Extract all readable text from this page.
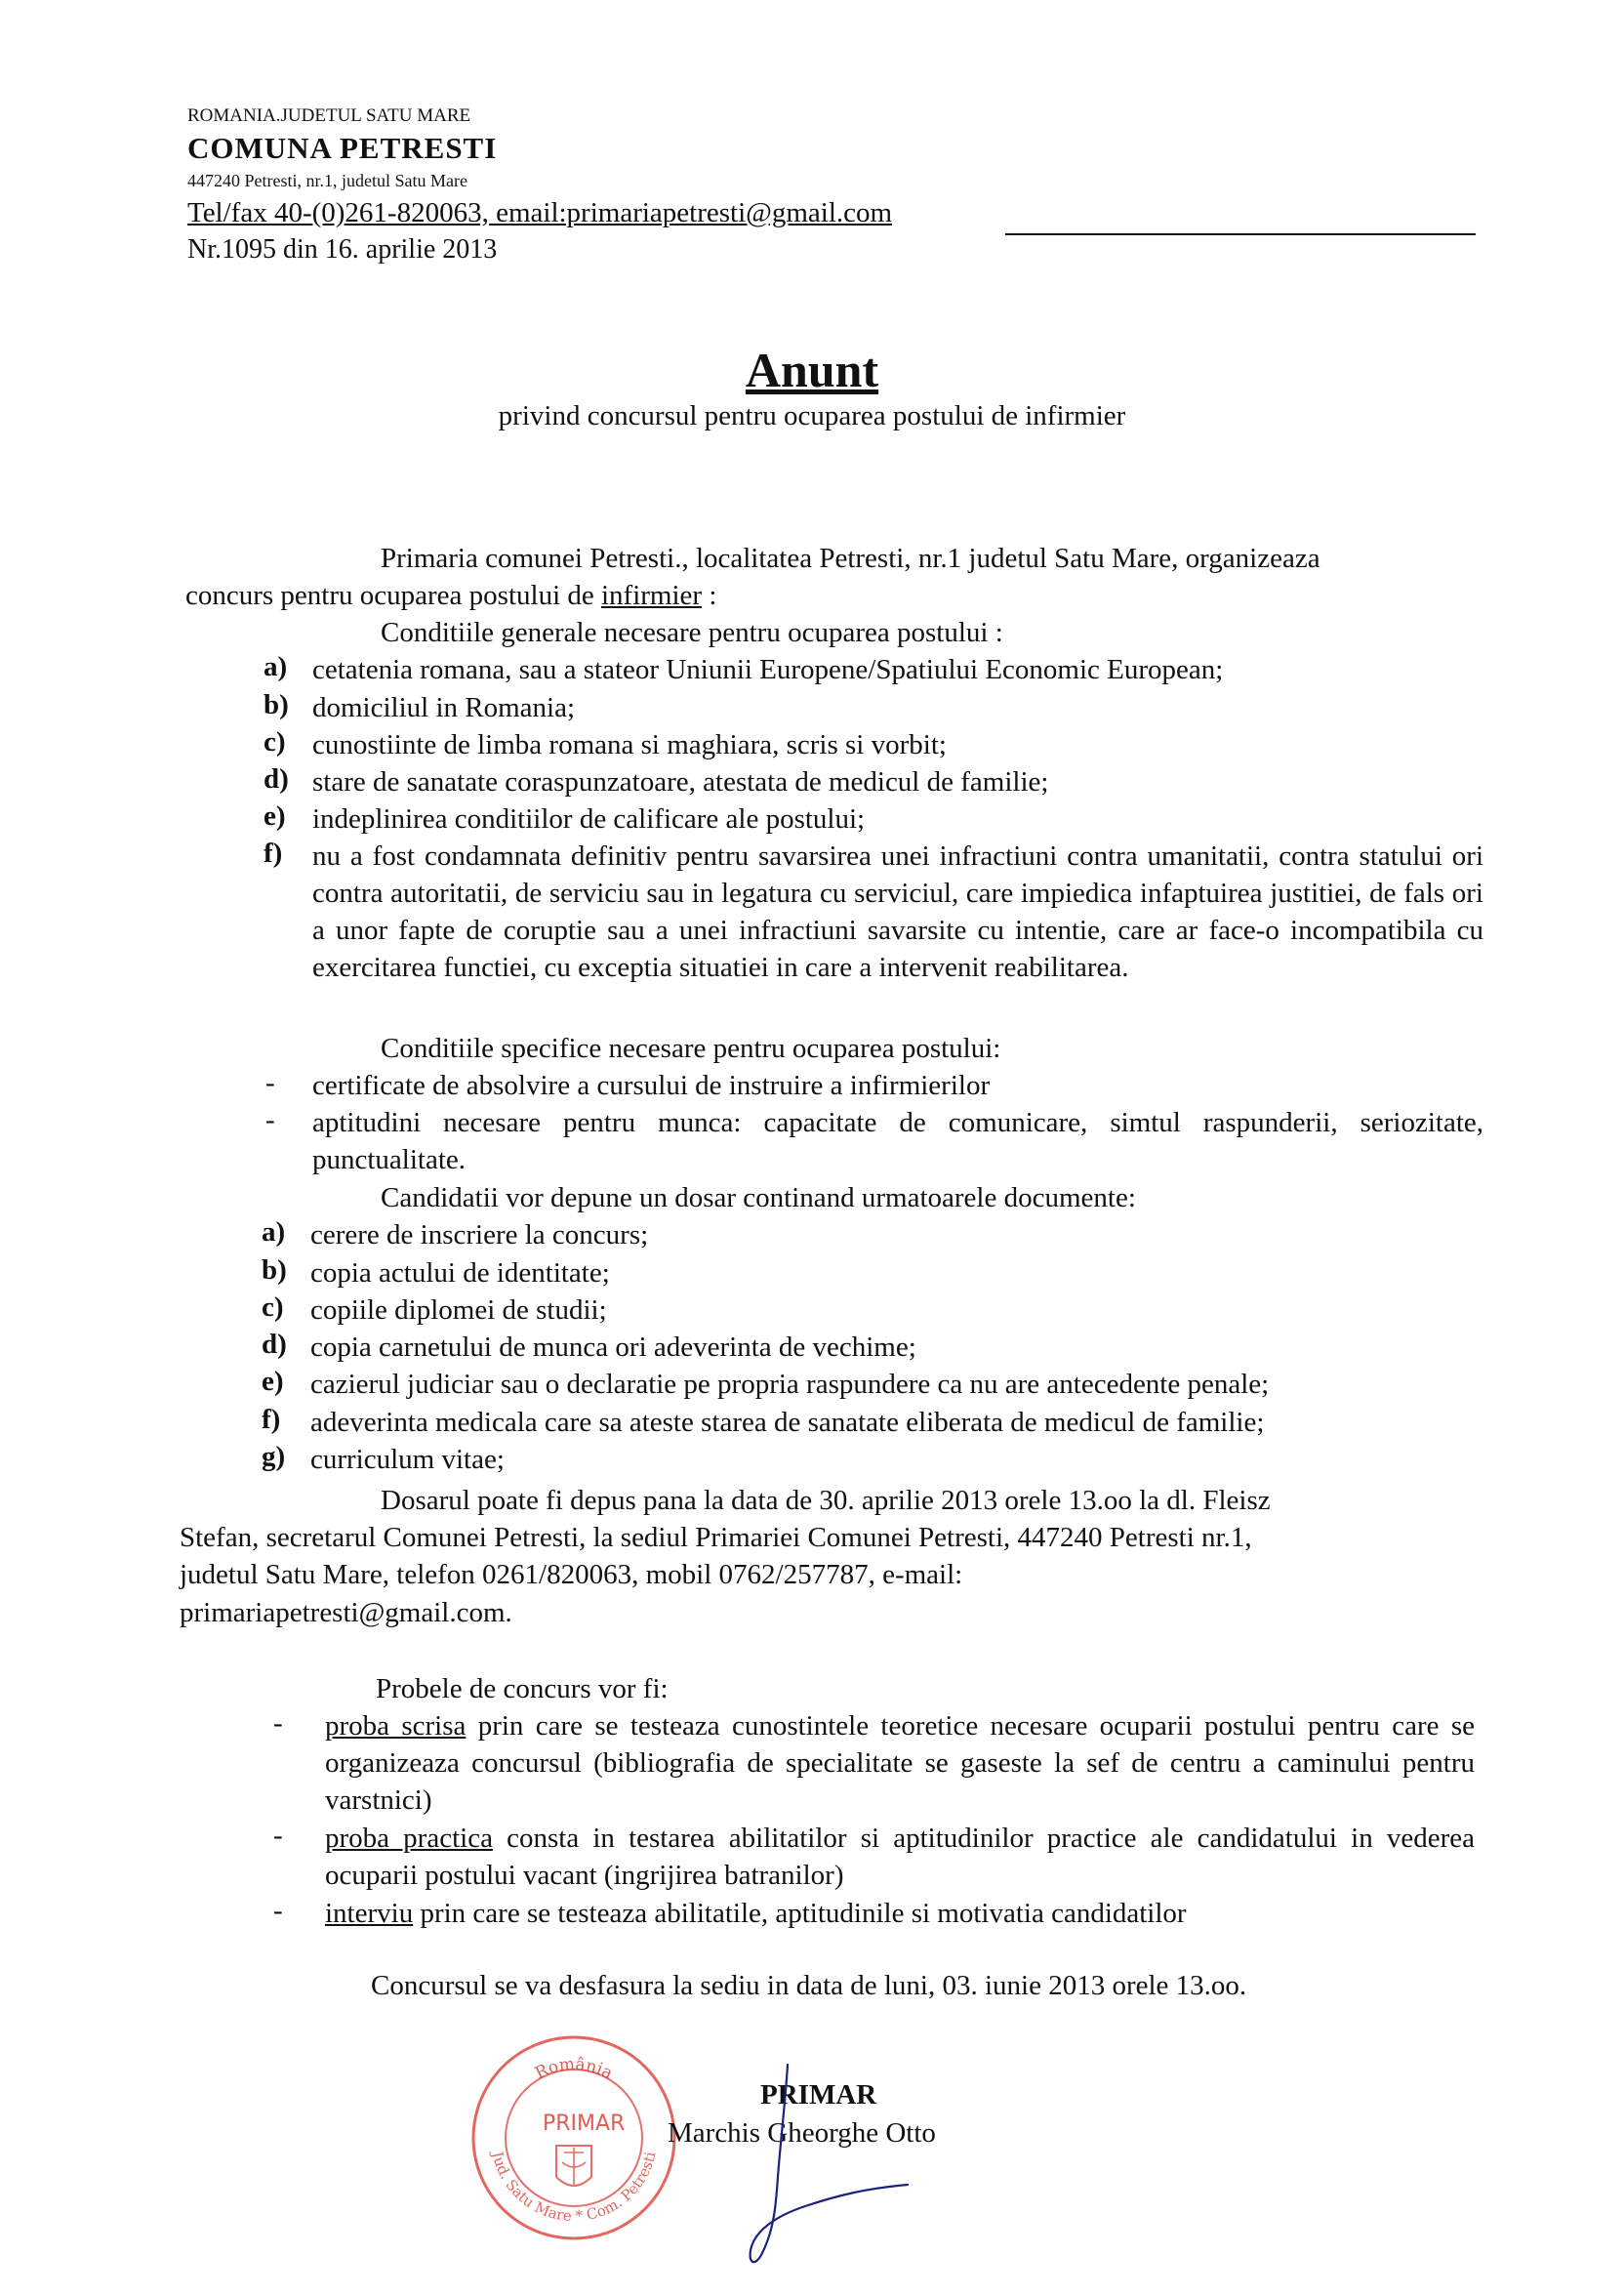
ROMANIA.JUDETUL SATU MARE
COMUNA PETRESTI
447240 Petresti, nr.1, judetul Satu Mare
Tel/fax 40-(0)261-820063, email:primariapetresti@gmail.com
Nr.1095 din 16. aprilie 2013
Anunt
privind concursul pentru ocuparea postului de infirmier
Primaria comunei Petresti., localitatea Petresti, nr.1 judetul Satu Mare, organizeaza
concurs pentru ocuparea postului de infirmier :
Conditiile generale necesare pentru ocuparea postului :
a) cetatenia romana, sau a stateor Uniunii Europene/Spatiului Economic European;
b) domiciliul in Romania;
c) cunostiinte de limba romana si maghiara, scris si vorbit;
d) stare de sanatate coraspunzatoare, atestata de medicul de familie;
e) indeplinirea conditiilor de calificare ale postului;
f) nu a fost condamnata definitiv pentru savarsirea unei infractiuni contra umanitatii, contra statului ori contra autoritatii, de serviciu sau in legatura cu serviciul, care impiedica infaptuirea justitiei, de fals ori a unor fapte de coruptie sau a unei infractiuni savarsite cu intentie, care ar face-o incompatibila cu exercitarea functiei, cu exceptia situatiei in care a intervenit reabilitarea.
Conditiile specifice necesare pentru ocuparea postului:
- certificate de absolvire a cursului de instruire a infirmierilor
- aptitudini necesare pentru munca: capacitate de comunicare, simtul raspunderii, seriozitate, punctualitate.
Candidatii vor depune un dosar continand urmatoarele documente:
a) cerere de inscriere la concurs;
b) copia actului de identitate;
c) copiile diplomei de studii;
d) copia carnetului de munca ori adeverinta de vechime;
e) cazierul judiciar sau o declaratie pe propria raspundere ca nu are antecedente penale;
f) adeverinta medicala care sa ateste starea de sanatate eliberata de medicul de familie;
g) curriculum vitae;
Dosarul poate fi depus pana la data de 30. aprilie 2013 orele 13.oo la dl. Fleisz
Stefan, secretarul Comunei Petresti, la sediul Primariei Comunei Petresti, 447240 Petresti nr.1,
judetul Satu Mare, telefon 0261/820063, mobil 0762/257787, e-mail:
primariapetresti@gmail.com.
Probele de concurs vor fi:
- proba scrisa prin care se testeaza cunostintele teoretice necesare ocuparii postului pentru care se organizeaza concursul (bibliografia de specialitate se gaseste la sef de centru a caminului pentru varstnici)
- proba practica consta in testarea abilitatilor si aptitudinilor practice ale candidatului in vederea ocuparii postului vacant (ingrijirea batranilor)
- interviu prin care se testeaza abilitatile, aptitudinile si motivatia candidatilor
Concursul se va desfasura la sediu in data de luni, 03. iunie 2013 orele 13.oo.
România
PRIMAR
Jud. Satu Mare * Com. Petresti
PRIMAR
Marchis Gheorghe Otto
